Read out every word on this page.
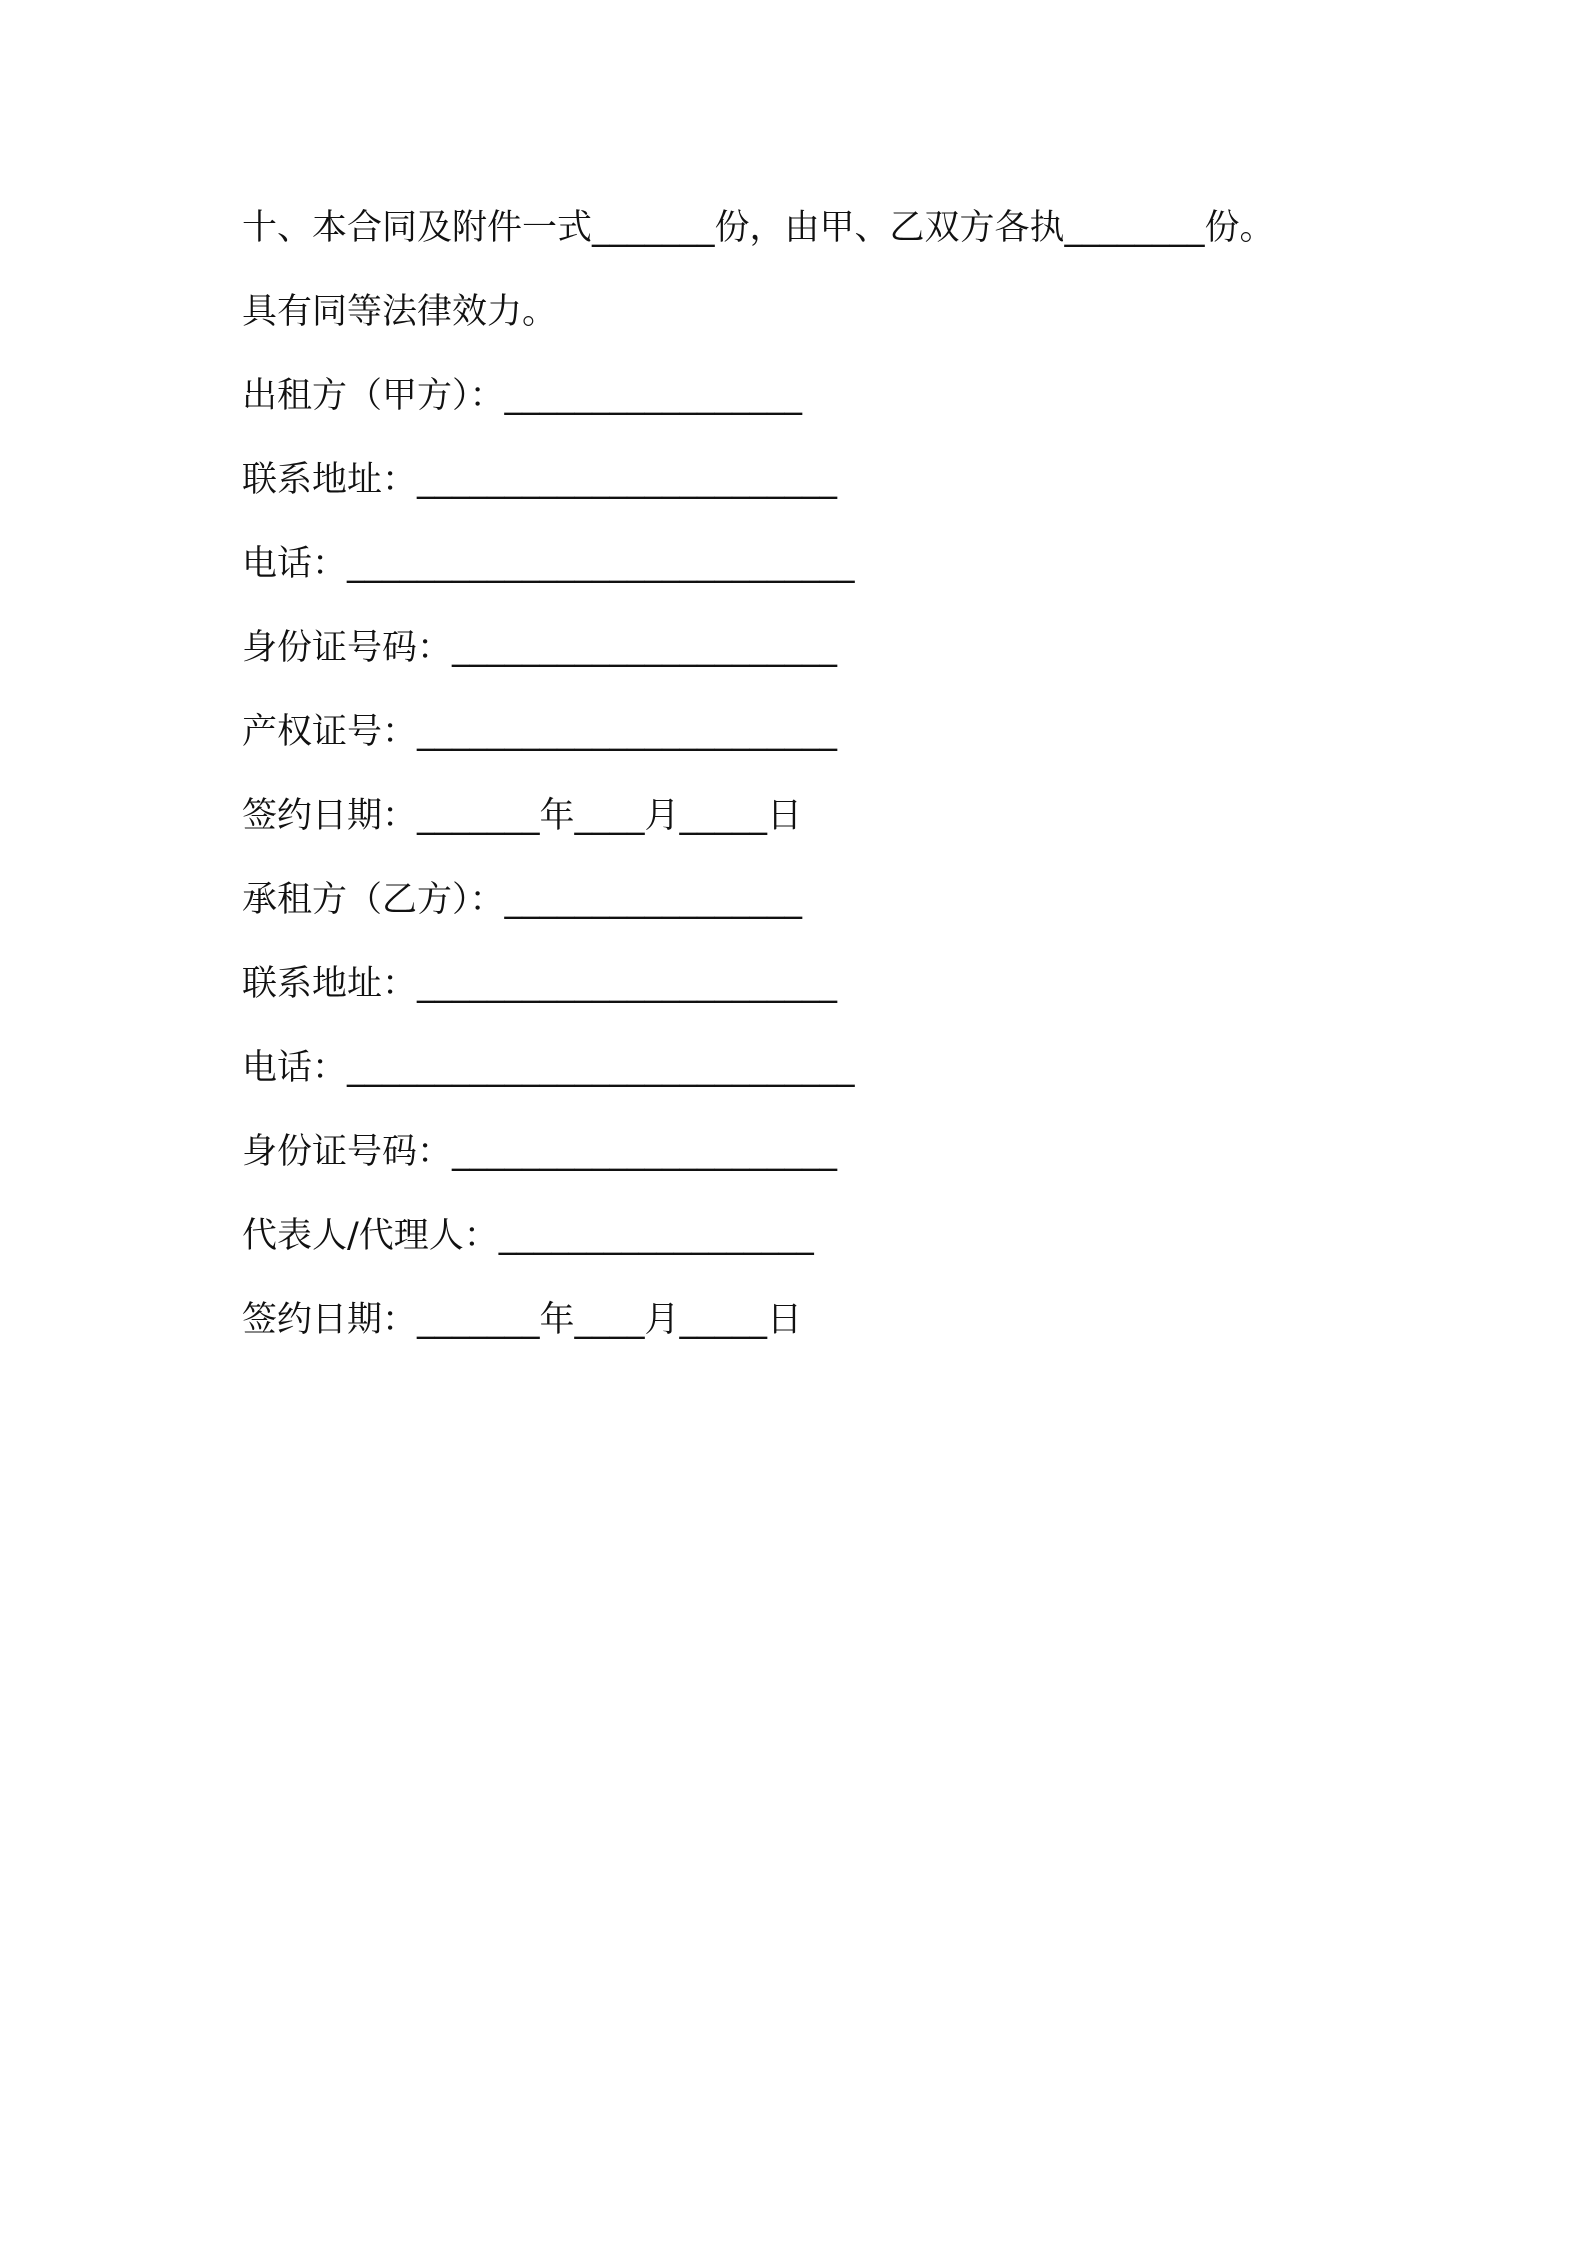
十、本合同及附件一式_______份，由甲、乙双方各执________份。
具有同等法律效力。
出租方（甲方）：_________________
联系地址：________________________
电话：_____________________________
身份证号码：______________________
产权证号：________________________
签约日期：_______年____月_____日
承租方（乙方）：_________________
联系地址：________________________
电话：_____________________________
身份证号码：______________________
代表人/代理人：__________________
签约日期：_______年____月_____日
